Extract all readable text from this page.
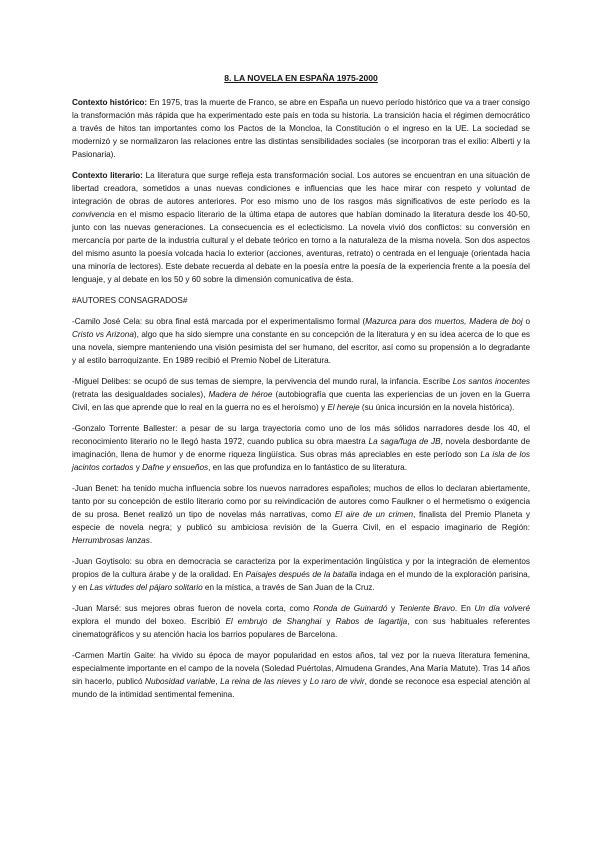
8. LA NOVELA EN ESPAÑA 1975-2000

Contexto histórico: En 1975, tras la muerte de Franco, se abre en España un nuevo período histórico que va a traer consigo la transformación más rápida que ha experimentado este país en toda su historia. La transición hacia el régimen democrático a través de hitos tan importantes como los Pactos de la Moncloa, la Constitución o el ingreso en la UE. La sociedad se modernizó y se normalizaron las relaciones entre las distintas sensibilidades sociales (se incorporan tras el exilio: Alberti y la Pasionaria).

Contexto literario: La literatura que surge refleja esta transformación social. Los autores se encuentran en una situación de libertad creadora, sometidos a unas nuevas condiciones e influencias que les hace mirar con respeto y voluntad de integración de obras de autores anteriores. Por eso mismo uno de los rasgos más significativos de este período es la convivencia en el mismo espacio literario de la última etapa de autores que habían dominado la literatura desde los 40-50, junto con las nuevas generaciones. La consecuencia es el eclecticismo. La novela vivió dos conflictos: su conversión en mercancía por parte de la industria cultural y el debate teórico en torno a la naturaleza de la misma novela. Son dos aspectos del mismo asunto la poesía volcada hacia lo exterior (acciones, aventuras, retrato) o centrada en el lenguaje (orientada hacia una minoría de lectores). Este debate recuerda al debate en la poesía entre la poesía de la experiencia frente a la poesía del lenguaje, y al debate en los 50 y 60 sobre la dimensión comunicativa de ésta.

#AUTORES CONSAGRADOS#

-Camilo José Cela: su obra final está marcada por el experimentalismo formal (Mazurca para dos muertos, Madera de boj o Cristo vs Arizona), algo que ha sido siempre una constante en su concepción de la literatura y en su idea acerca de lo que es una novela, siempre manteniendo una visión pesimista del ser humano, del escritor, así como su propensión a lo degradante y al estilo barroquizante. En 1989 recibió el Premio Nobel de Literatura.

-Miguel Delibes: se ocupó de sus temas de siempre, la pervivencia del mundo rural, la infancia. Escribe Los santos inocentes (retrata las desigualdades sociales), Madera de héroe (autobiografía que cuenta las experiencias de un joven en la Guerra Civil, en las que aprende que lo real en la guerra no es el heroísmo) y El hereje (su única incursión en la novela histórica).

-Gonzalo Torrente Ballester: a pesar de su larga trayectoria como uno de los más sólidos narradores desde los 40, el reconocimiento literario no le llegó hasta 1972, cuando publica su obra maestra La saga/fuga de JB, novela desbordante de imaginación, llena de humor y de enorme riqueza lingüística. Sus obras más apreciables en este período son La isla de los jacintos cortados y Dafne y ensueños, en las que profundiza en lo fantástico de su literatura.

-Juan Benet: ha tenido mucha influencia sobre los nuevos narradores españoles; muchos de ellos lo declaran abiertamente, tanto por su concepción de estilo literario como por su reivindicación de autores como Faulkner o el hermetismo o exigencia de su prosa. Benet realizó un tipo de novelas más narrativas, como El aire de un crimen, finalista del Premio Planeta y especie de novela negra; y publicó su ambiciosa revisión de la Guerra Civil, en el espacio imaginario de Región: Herrumbrosas lanzas.

-Juan Goytisolo: su obra en democracia se caracteriza por la experimentación lingüística y por la integración de elementos propios de la cultura árabe y de la oralidad. En Paisajes después de la batalla indaga en el mundo de la exploración parisina, y en Las virtudes del pájaro solitario en la mística, a través de San Juan de la Cruz.

-Juan Marsé: sus mejores obras fueron de novela corta, como Ronda de Guinardó y Teniente Bravo. En Un día volveré explora el mundo del boxeo. Escribió El embrujo de Shanghai y Rabos de lagartija, con sus habituales referentes cinematográficos y su atención hacia los barrios populares de Barcelona.

-Carmen Martín Gaite: ha vivido su época de mayor popularidad en estos años, tal vez por la nueva literatura femenina, especialmente importante en el campo de la novela (Soledad Puértolas, Almudena Grandes, Ana María Matute). Tras 14 años sin hacerlo, publicó Nubosidad variable, La reina de las nieves y Lo raro de vivir, donde se reconoce esa especial atención al mundo de la intimidad sentimental femenina.
